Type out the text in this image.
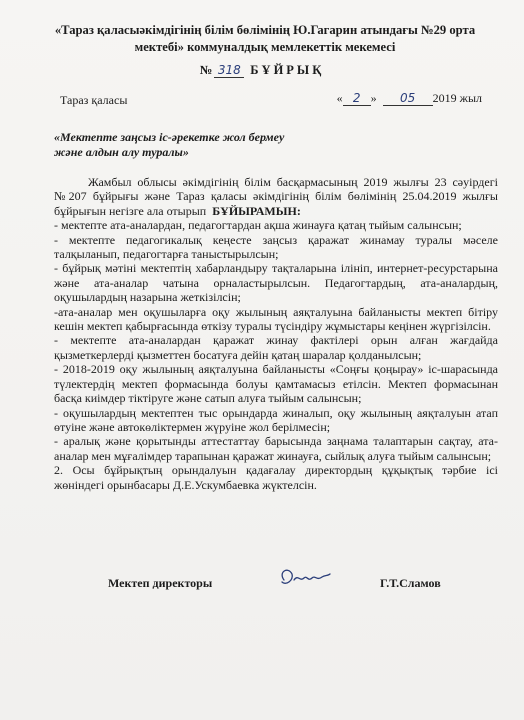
«Тараз қаласыәкімдігінің білім бөлімінің Ю.Гагарин атындағы №29 орта
мектебі» коммуналдық мемлекеттік мекемесі
№ 318 БҰЙРЫҚ
Тараз қаласы	« 2 » 05 2019 жыл
«Мектепте заңсыз іс-әрекетке жол бермеу
және алдын алу туралы»

Жамбыл облысы әкімдігінің білім басқармасының 2019 жылғы 23 сәуірдегі №207 бұйрығы және Тараз қаласы әкімдігінің білім бөлімінің 25.04.2019 жылғы бұйрығын негізге ала отырып БҰЙЫРАМЫН:

- мектепте ата-аналардан, педагогтардан ақша жинауға қатаң тыйым салынсын;

- мектепте педагогикалық кеңесте заңсыз қаражат жинамау туралы мәселе талқыланып, педагогтарға таныстырылсын;

- бұйрық мәтіні мектептің хабарландыру тақталарына ілініп, интернет-ресурстарына және ата-аналар чатына орналастырылсын. Педагогтардың, ата-аналардың, оқушылардың назарына жеткізілсін;

-ата-аналар мен оқушыларға оқу жылының аяқталуына байланысты мектеп бітіру кешін мектеп қабырғасында өткізу туралы түсіндіру жұмыстары кеңінен жүргізілсін.

- мектепте ата-аналардан қаражат жинау фактілері орын алған жағдайда қызметкерлерді қызметтен босатуға дейін қатаң шаралар қолданылсын;

- 2018-2019 оқу жылының аяқталуына байланысты «Соңғы қоңырау» іс-шарасында түлектердің мектеп формасында болуы қамтамасыз етілсін. Мектеп формасынан басқа киімдер тіктіруге және сатып алуға тыйым салынсын;

- оқушылардың мектептен тыс орындарда жиналып, оқу жылының аяқталуын атап өтуіне және автокөліктермен жүруіне жол берілмесін;

- аралық және қорытынды аттестаттау барысында заңнама талаптарын сақтау, ата-аналар мен мұғалімдер тарапынан қаражат жинауға, сыйлық алуға тыйым салынсын;

2. Осы бұйрықтың орындалуын қадағалау директордың құқықтық тәрбие ісі жөніндегі орынбасары Д.Е.Ускумбаевка жүктелсін.

Мектеп директоры	Г.Т.Сламов
